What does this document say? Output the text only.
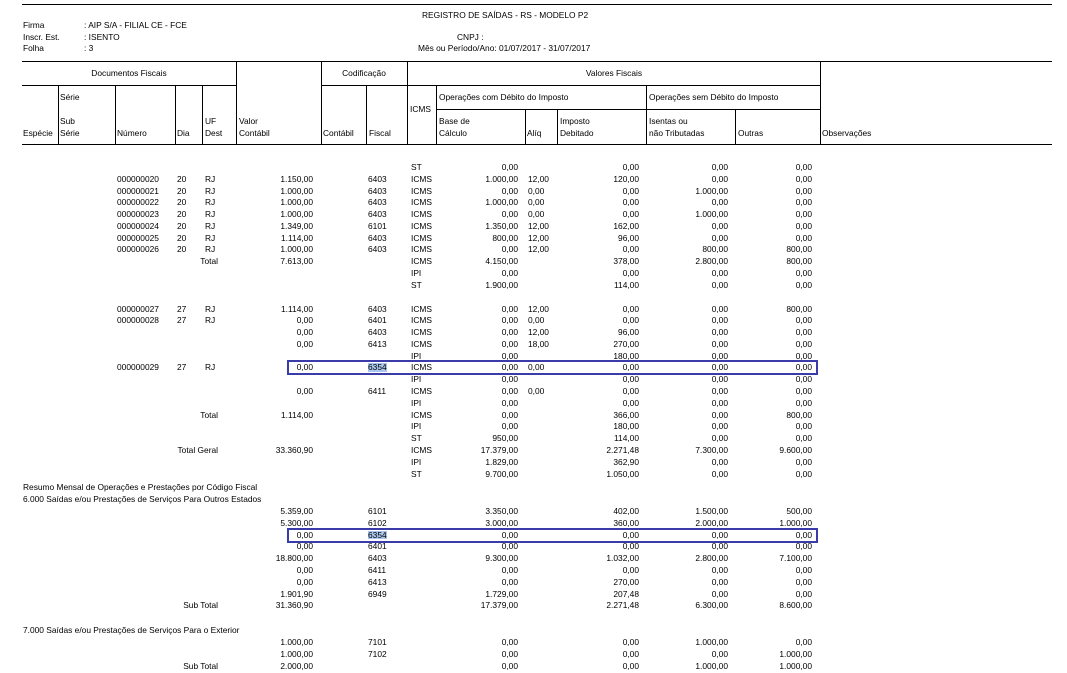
REGISTRO DE SAÍDAS - RS - MODELO P2
Firma	: AIP S/A - FILIAL CE - FCE
Inscr. Est.	: ISENTO	CNPJ :
Folha	: 3	Mês ou Período/Ano: 01/07/2017 - 31/07/2017
Documentos Fiscais	Codificação	Valores Fiscais
Série	Operações com Débito do Imposto	Operações sem Débito do Imposto
ICMS
Sub	UF	Valor	Base de	Imposto	Isentas ou
Espécie Série	Número	Dia Dest Contábil	Contábil Fiscal	Cálculo	Alíq Debitado	não Tributadas	Outras	Observações
ST	0,00	0,00	0,00	0,00
000000020 20 RJ	1.150,00	6403	ICMS	1.000,00 12,00	120,00	0,00	0,00
000000021 20 RJ	1.000,00	6403	ICMS	0,00 0,00	0,00	1.000,00	0,00
000000022 20 RJ	1.000,00	6403	ICMS	1.000,00 0,00	0,00	0,00	0,00
000000023 20 RJ	1.000,00	6403	ICMS	0,00 0,00	0,00	1.000,00	0,00
000000024 20 RJ	1.349,00	6101	ICMS	1.350,00 12,00	162,00	0,00	0,00
000000025 20 RJ	1.114,00	6403	ICMS	800,00 12,00	96,00	0,00	0,00
000000026 20 RJ	1.000,00	6403	ICMS	0,00 12,00	0,00	800,00	800,00
Total	7.613,00	ICMS	4.150,00	378,00	2.800,00	800,00
IPI	0,00	0,00	0,00	0,00
ST	1.900,00	114,00	0,00	0,00
000000027 27 RJ	1.114,00	6403	ICMS	0,00 12,00	0,00	0,00	800,00
000000028 27 RJ	0,00	6401	ICMS	0,00 0,00	0,00	0,00	0,00
0,00	6403	ICMS	0,00 12,00	96,00	0,00	0,00
0,00	6413	ICMS	0,00 18,00	270,00	0,00	0,00
IPI	0,00	180,00	0,00	0,00
000000029 27 RJ	0,00	6354	ICMS	0,00 0,00	0,00	0,00	0,00
IPI	0,00	0,00	0,00	0,00
0,00	6411	ICMS	0,00 0,00	0,00	0,00	0,00
IPI	0,00	0,00	0,00	0,00
Total	1.114,00	ICMS	0,00	366,00	0,00	800,00
IPI	0,00	180,00	0,00	0,00
ST	950,00	114,00	0,00	0,00
Total Geral	33.360,90	ICMS	17.379,00	2.271,48	7.300,00	9.600,00
IPI	1.829,00	362,90	0,00	0,00
ST	9.700,00	1.050,00	0,00	0,00
Resumo Mensal de Operações e Prestações por Código Fiscal
6.000 Saídas e/ou Prestações de Serviços Para Outros Estados
5.359,00	6101	3.350,00	402,00	1.500,00	500,00
5.300,00	6102	3.000,00	360,00	2.000,00	1.000,00
0,00	6354	0,00	0,00	0,00	0,00
0,00	6401	0,00	0,00	0,00	0,00
18.800,00	6403	9.300,00	1.032,00	2.800,00	7.100,00
0,00	6411	0,00	0,00	0,00	0,00
0,00	6413	0,00	270,00	0,00	0,00
1.901,90	6949	1.729,00	207,48	0,00	0,00
Sub Total	31.360,90	17.379,00	2.271,48	6.300,00	8.600,00
7.000 Saídas e/ou Prestações de Serviços Para o Exterior
1.000,00	7101	0,00	0,00	1.000,00	0,00
1.000,00	7102	0,00	0,00	0,00	1.000,00
Sub Total	2.000,00	0,00	0,00	1.000,00	1.000,00
